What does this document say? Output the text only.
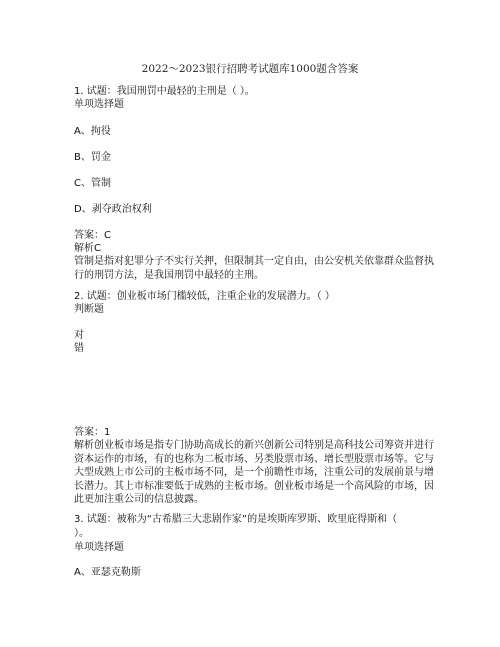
2022～2023银行招聘考试题库1000题含答案
1. 试题：我国刑罚中最轻的主刑是（ ）。
单项选择题
A、拘役
B、罚金
C、管制
D、剥夺政治权利
答案：C
解析C
管制是指对犯罪分子不实行关押，但限制其一定自由，由公安机关依靠群众监督执
行的刑罚方法，是我国刑罚中最轻的主刑。
2. 试题：创业板市场门槛较低，注重企业的发展潜力。（ ）
判断题
对
错
答案：1
解析创业板市场是指专门协助高成长的新兴创新公司特别是高科技公司筹资并进行
资本运作的市场，有的也称为二板市场、另类股票市场、增长型股票市场等。它与
大型成熟上市公司的主板市场不同，是一个前瞻性市场，注重公司的发展前景与增
长潜力。其上市标准要低于成熟的主板市场。创业板市场是一个高风险的市场，因
此更加注重公司的信息披露。
3. 试题：被称为“古希腊三大悲剧作家”的是埃斯库罗斯、欧里庇得斯和（
）。
单项选择题
A、亚瑟克勒斯
